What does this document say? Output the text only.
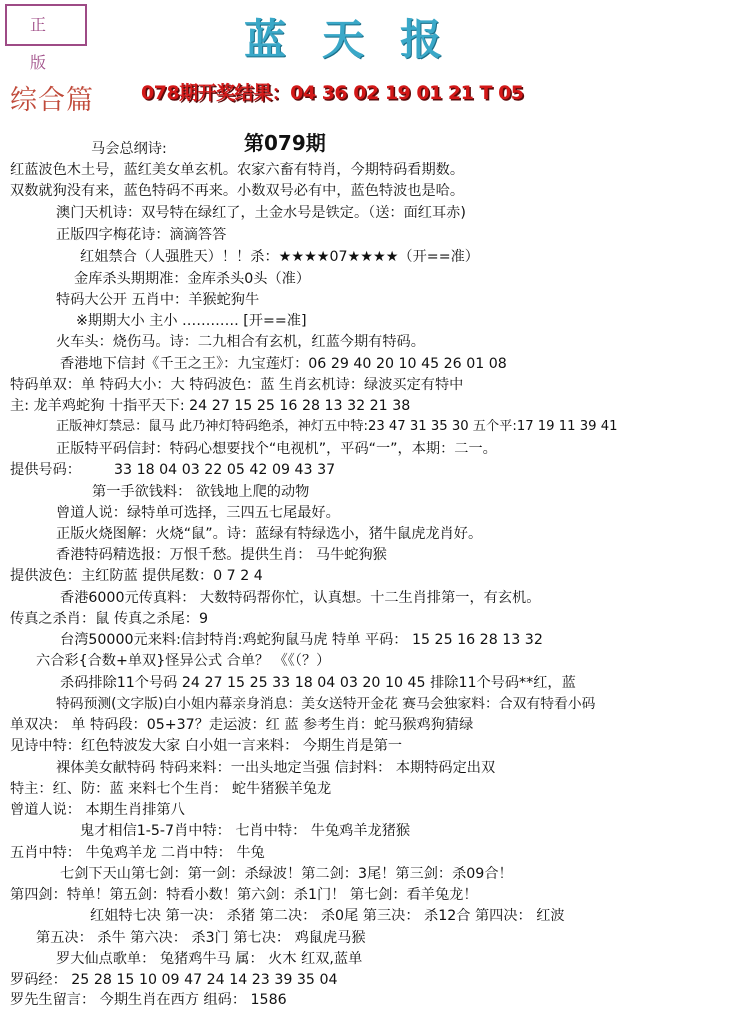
正 版	蓝天报
综合篇 078期开奖结果：04 36 02 19 01 21 T 05
马会总纲诗:	第079期
红蓝波色木土号，蓝红美女单玄机。农家六畜有特肖，今期特码看期数。
双数就狗没有来，蓝色特码不再来。小数双号必有中，蓝色特波也是哈。
澳门天机诗：双号特在绿红了，土金水号是铁定。（送：面红耳赤)
正版四字梅花诗：滴滴答答
红姐禁合（人强胜天）！！杀：★★★★07★★★★（开==准）
金库杀头期期准：金库杀头0头（准）
特码大公开 五肖中：羊猴蛇狗牛
※期期大小 主小 ………… [开==准]
火车头：烧伤马。诗：二九相合有玄机，红蓝今期有特码。
香港地下信封《千王之王》：九宝莲灯：06 29 40 20 10 45 26 01 08
特码单双：单 特码大小：大 特码波色：蓝 生肖玄机诗：绿波买定有特中
主: 龙羊鸡蛇狗 十指平天下: 24 27 15 25 16 28 13 32 21 38
正版神灯禁忌：鼠马 此乃神灯特码绝杀，神灯五中特:23 47 31 35 30 五个平:17 19 11 39 41
正版特平码信封：特码心想要找个“电视机”，平码“一”，本期：二一。
提供号码： 33 18 04 03 22 05 42 09 43 37
第一手欲钱料： 欲钱地上爬的动物
曾道人说：绿特单可选择，三四五七尾最好。
正版火烧图解：火烧“鼠”。诗：蓝绿有特绿选小，猪牛鼠虎龙肖好。
香港特码精选报：万恨千愁。提供生肖： 马牛蛇狗猴
提供波色：主红防蓝 提供尾数：0 7 2 4
香港6000元传真料： 大数特码帮你忙，认真想。十二生肖排第一，有玄机。
传真之杀肖：鼠 传真之杀尾：9
台湾50000元来料:信封特肖:鸡蛇狗鼠马虎 特单 平码： 15 25 16 28 13 32
六合彩{合数+单双}怪异公式 合单？ 《《（？）
杀码排除11个号码 24 27 15 25 33 18 04 03 20 10 45 排除11个号码**红，蓝
特码预测(文字版)白小姐内幕亲身消息：美女送特开金花 赛马会独家料：合双有特看小码
单双决： 单 特码段：05+37？走运波：红 蓝 参考生肖：蛇马猴鸡狗猜绿
见诗中特：红色特波发大家 白小姐一言来料： 今期生肖是第一
裸体美女献特码 特码来料：一出头地定当强 信封料： 本期特码定出双
特主：红、防：蓝 来料七个生肖： 蛇牛猪猴羊兔龙
曾道人说： 本期生肖排第八
鬼才相信1-5-7肖中特： 七肖中特： 牛兔鸡羊龙猪猴
五肖中特： 牛兔鸡羊龙 二肖中特： 牛兔
七剑下天山第七剑：第一剑：杀绿波！第二剑：3尾！第三剑：杀09合！
第四剑：特单！第五剑：特看小数！第六剑：杀1门！ 第七剑：看羊兔龙！
红姐特七决 第一决： 杀猪 第二决： 杀0尾 第三决： 杀12合 第四决： 红波
第五决： 杀牛 第六决： 杀3门 第七决： 鸡鼠虎马猴
罗大仙点歌单： 兔猪鸡牛马 属： 火木 红双,蓝单
罗码经： 25 28 15 10 09 47 24 14 23 39 35 04
罗先生留言： 今期生肖在西方 组码： 1586
